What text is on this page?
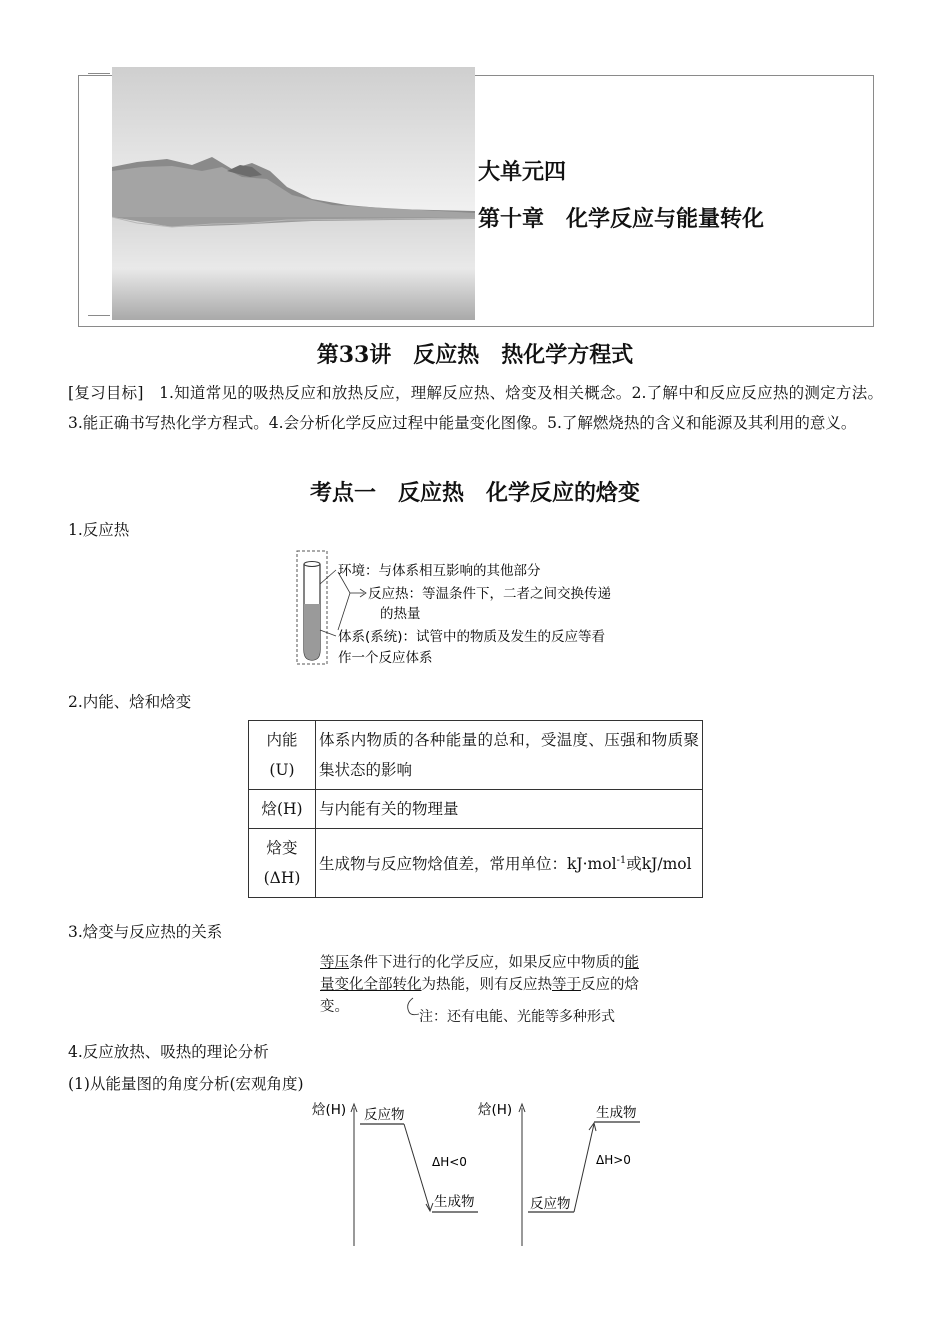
大单元四
第十章　化学反应与能量转化
第33讲　反应热　热化学方程式
[复习目标] 1.知道常见的吸热反应和放热反应，理解反应热、焓变及相关概念。2.了解中和反应反应热的测定方法。3.能正确书写热化学方程式。4.会分析化学反应过程中能量变化图像。5.了解燃烧热的含义和能源及其利用的意义。
考点一　反应热　化学反应的焓变
1.反应热
环境：与体系相互影响的其他部分
反应热：等温条件下，二者之间交换传递
的热量
体系(系统)：试管中的物质及发生的反应等看
作一个反应体系
2.内能、焓和焓变
内能
(U)	体系内物质的各种能量的总和，受温度、压强和物质聚集状态的影响
焓(H)	与内能有关的物理量

焓变
(ΔH)	生成物与反应物焓值差，常用单位：kJ·mol$^{-1}$或kJ/mol
3.焓变与反应热的关系
等压条件下进行的化学反应，如果反应中物质的能量变化全部转化为热能，则有反应热等于反应的焓变。
注：还有电能、光能等多种形式
4.反应放热、吸热的理论分析
(1)从能量图的角度分析(宏观角度)
焓(H) 反应物
生成物
ΔH<0
焓(H)
反应物
生成物
ΔH>0
